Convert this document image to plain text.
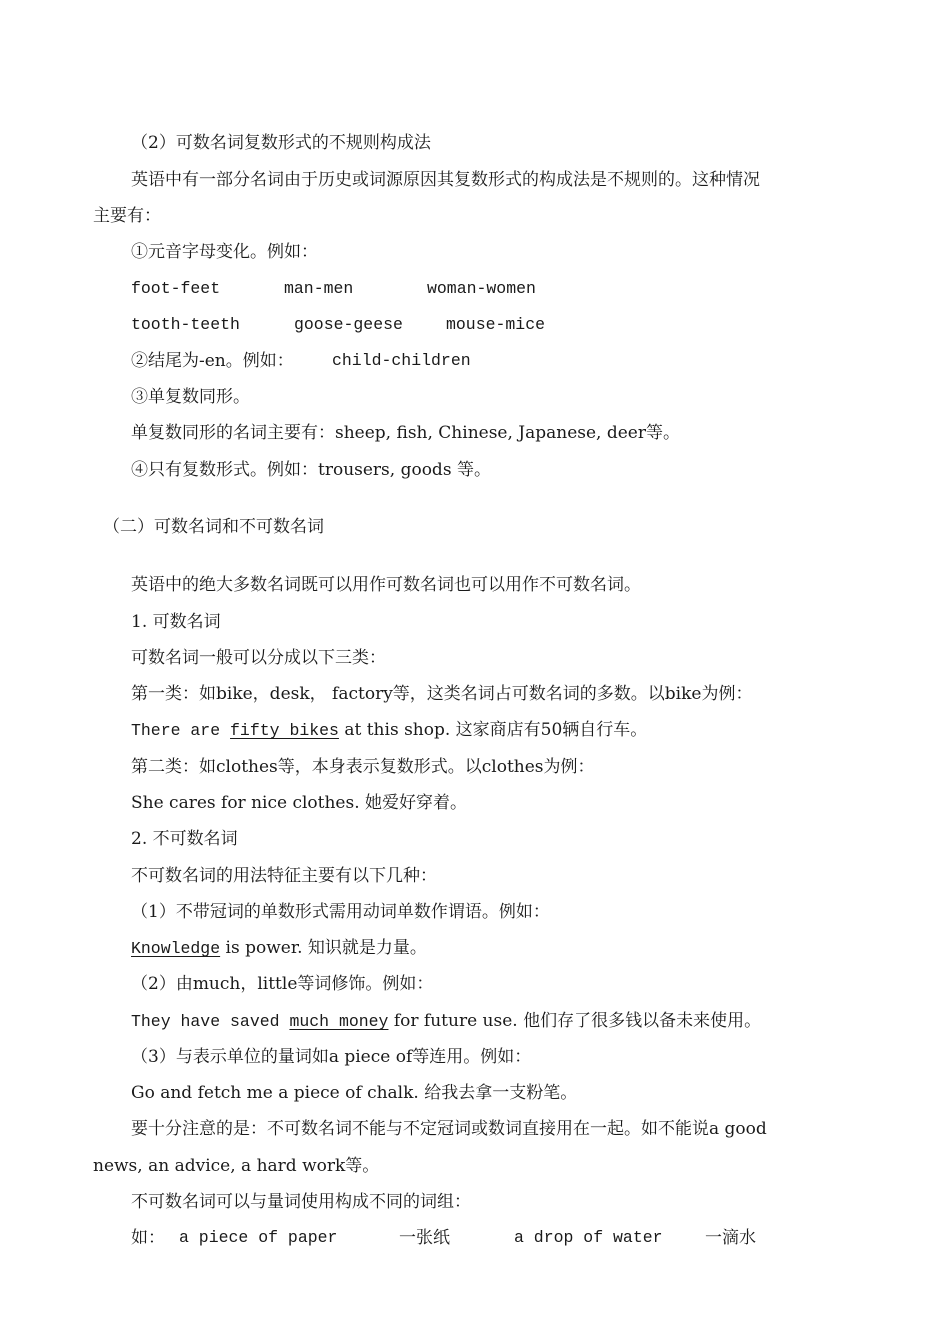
（2）可数名词复数形式的不规则构成法
英语中有一部分名词由于历史或词源原因其复数形式的构成法是不规则的。这种情况
主要有：
①元音字母变化。例如：
foot-feet	man-men	woman-women
tooth-teeth	goose-geese	mouse-mice
②结尾为-en。例如： child-children
③单复数同形。
单复数同形的名词主要有：sheep, fish, Chinese, Japanese, deer等。
④只有复数形式。例如：trousers, goods 等。
（二）可数名词和不可数名词
英语中的绝大多数名词既可以用作可数名词也可以用作不可数名词。
1. 可数名词
可数名词一般可以分成以下三类：
第一类：如bike，desk， factory等，这类名词占可数名词的多数。以bike为例：
There are fifty bikes at this shop. 这家商店有50辆自行车。
第二类：如clothes等，本身表示复数形式。以clothes为例：
She cares for nice clothes. 她爱好穿着。
2. 不可数名词
不可数名词的用法特征主要有以下几种：
（1）不带冠词的单数形式需用动词单数作谓语。例如：
Knowledge is power. 知识就是力量。
（2）由much，little等词修饰。例如：
They have saved much money for future use. 他们存了很多钱以备未来使用。
（3）与表示单位的量词如a piece of等连用。例如：
Go and fetch me a piece of chalk. 给我去拿一支粉笔。
要十分注意的是：不可数名词不能与不定冠词或数词直接用在一起。如不能说a good
news, an advice, a hard work等。
不可数名词可以与量词使用构成不同的词组：
如： a piece of paper	一张纸	a drop of water 一滴水
